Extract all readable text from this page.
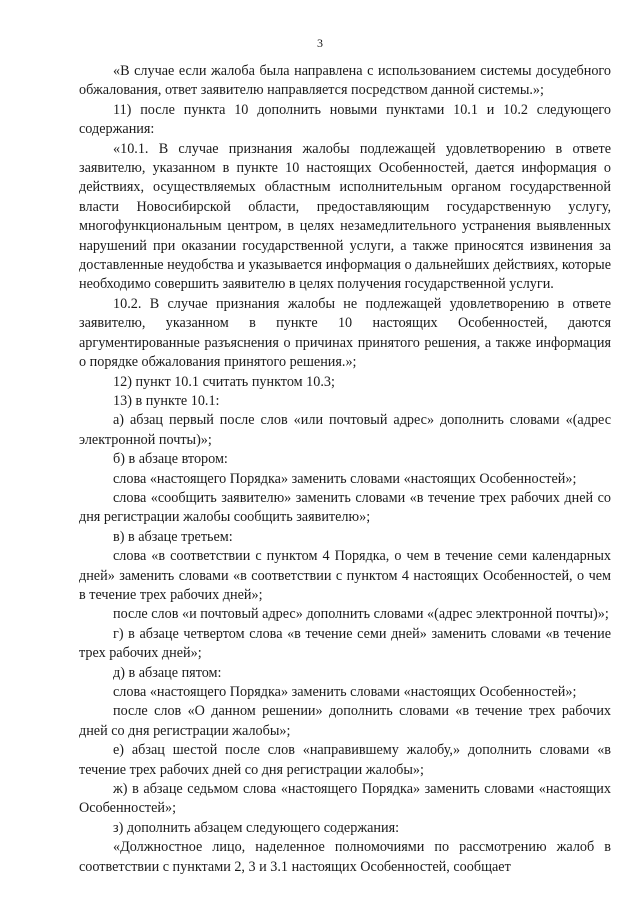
3

«В случае если жалоба была направлена с использованием системы досудебного обжалования, ответ заявителю направляется посредством данной системы.»;

11) после пункта 10 дополнить новыми пунктами 10.1 и 10.2 следующего содержания:

«10.1. В случае признания жалобы подлежащей удовлетворению в ответе заявителю, указанном в пункте 10 настоящих Особенностей, дается информация о действиях, осуществляемых областным исполнительным органом государственной власти Новосибирской области, предоставляющим государственную услугу, многофункциональным центром, в целях незамедлительного устранения выявленных нарушений при оказании государственной услуги, а также приносятся извинения за доставленные неудобства и указывается информация о дальнейших действиях, которые необходимо совершить заявителю в целях получения государственной услуги.

10.2. В случае признания жалобы не подлежащей удовлетворению в ответе заявителю, указанном в пункте 10 настоящих Особенностей, даются аргументированные разъяснения о причинах принятого решения, а также информация о порядке обжалования принятого решения.»;

12) пункт 10.1 считать пунктом 10.3;

13) в пункте 10.1:

а) абзац первый после слов «или почтовый адрес» дополнить словами «(адрес электронной почты)»;

б) в абзаце втором:

слова «настоящего Порядка» заменить словами «настоящих Особенностей»;

слова «сообщить заявителю» заменить словами «в течение трех рабочих дней со дня регистрации жалобы сообщить заявителю»;

в) в абзаце третьем:

слова «в соответствии с пунктом 4 Порядка, о чем в течение семи календарных дней» заменить словами «в соответствии с пунктом 4 настоящих Особенностей, о чем в течение трех рабочих дней»;

после слов «и почтовый адрес» дополнить словами «(адрес электронной почты)»;

г) в абзаце четвертом слова «в течение семи дней» заменить словами «в течение трех рабочих дней»;

д) в абзаце пятом:

слова «настоящего Порядка» заменить словами «настоящих Особенностей»;

после слов «О данном решении» дополнить словами «в течение трех рабочих дней со дня регистрации жалобы»;

е) абзац шестой после слов «направившему жалобу,» дополнить словами «в течение трех рабочих дней со дня регистрации жалобы»;

ж) в абзаце седьмом слова «настоящего Порядка» заменить словами «настоящих Особенностей»;

з) дополнить абзацем следующего содержания:

«Должностное лицо, наделенное полномочиями по рассмотрению жалоб в соответствии с пунктами 2, 3 и 3.1 настоящих Особенностей, сообщает
